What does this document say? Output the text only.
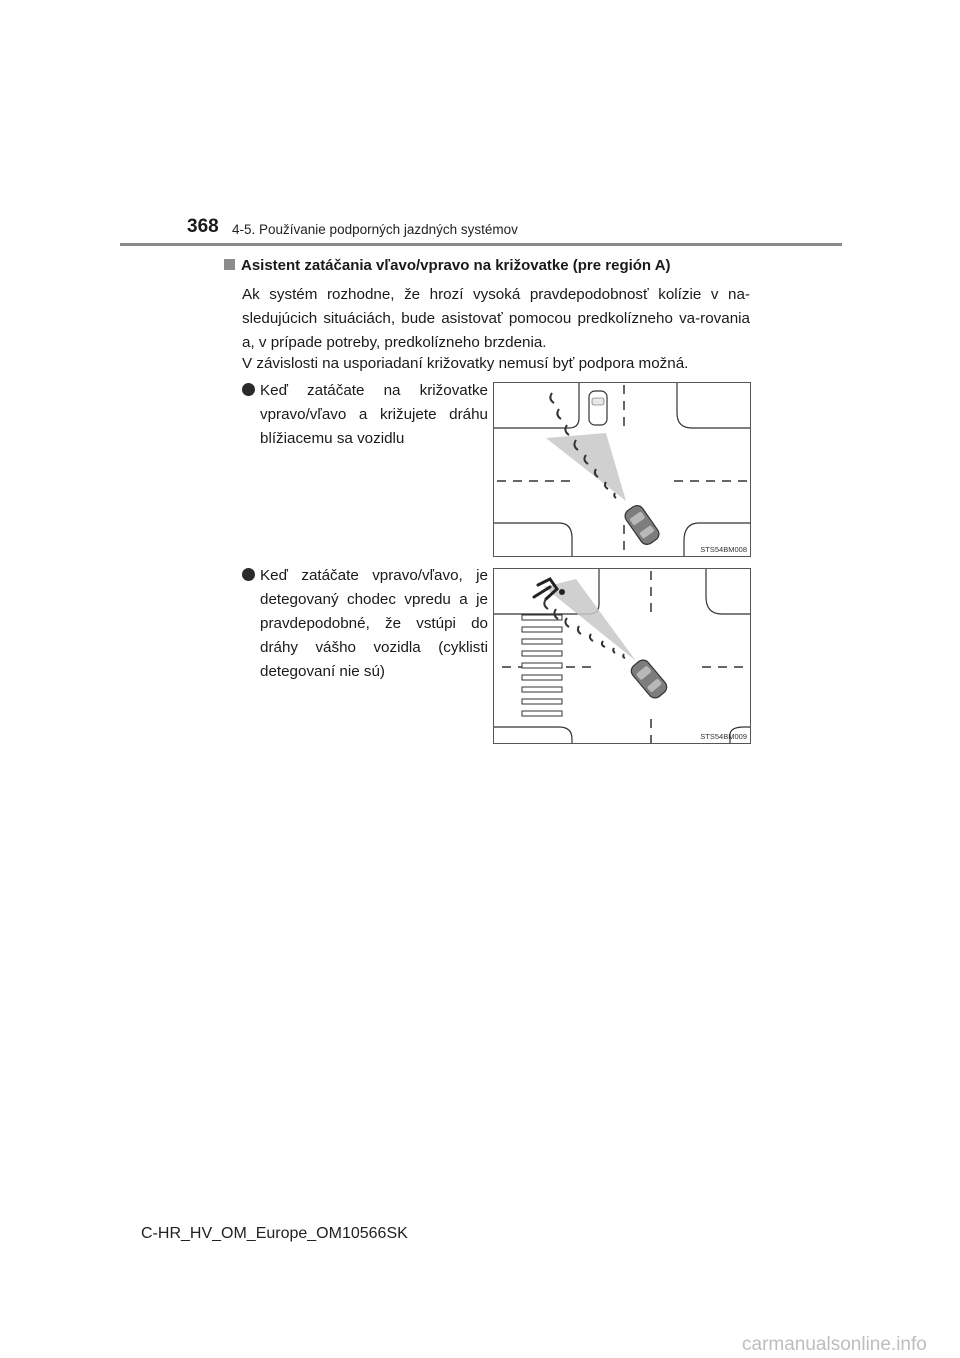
368 4-5. Používanie podporných jazdných systémov
Asistent zatáčania vľavo/vpravo na križovatke (pre región A)
Ak systém rozhodne, že hrozí vysoká pravdepodobnosť kolízie v na-sledujúcich situáciách, bude asistovať pomocou predkolízneho va-rovania a, v prípade potreby, predkolízneho brzdenia.
V závislosti na usporiadaní križovatky nemusí byť podpora možná.
Keď zatáčate na križovatke vpravo/vľavo a križujete dráhu blížiacemu sa vozidlu
STS54BM008
Keď zatáčate vpravo/vľavo, je detegovaný chodec vpredu a je pravdepodobné, že vstúpi do dráhy vášho vozidla (cyklisti detegovaní nie sú)
STS54BM009
C-HR_HV_OM_Europe_OM10566SK
carmanualsonline.info
